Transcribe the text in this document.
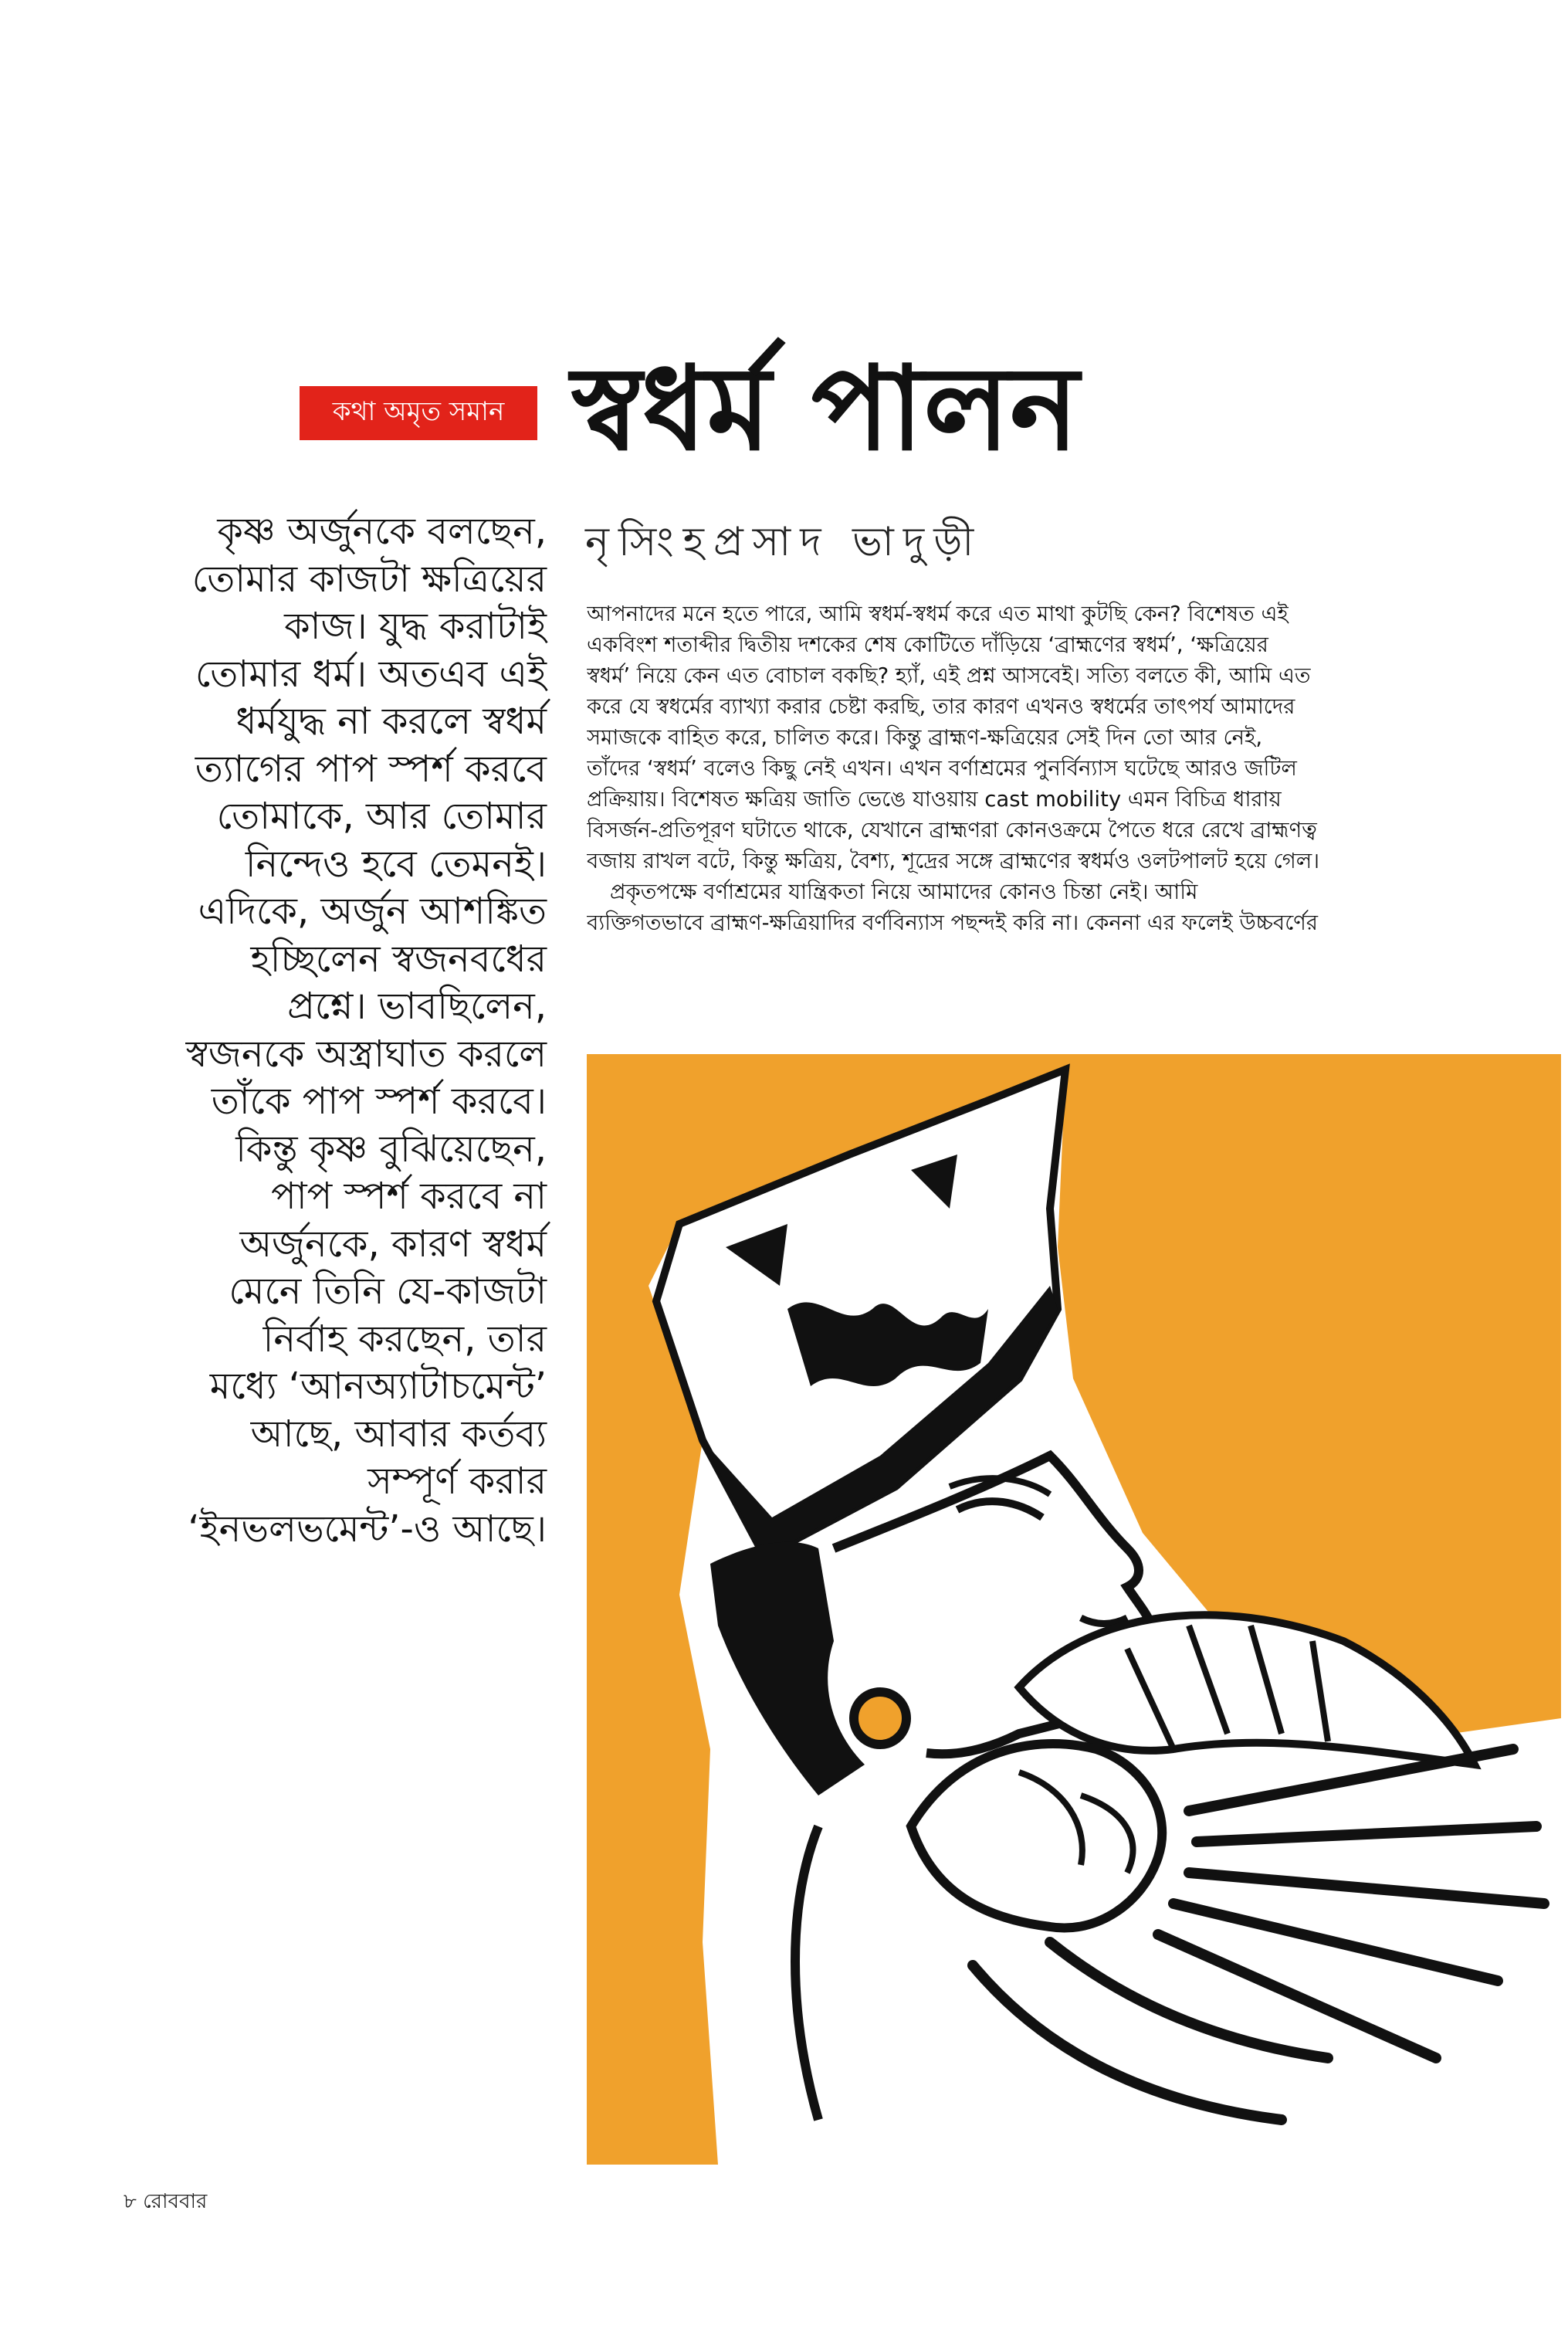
কথা অমৃত সমান স্বধর্ম পালন
নৃসিংহপ্রসাদ ভাদুড়ী
কৃষ্ণ অর্জুনকে বলছেন,
তোমার কাজটা ক্ষত্রিয়ের
কাজ। যুদ্ধ করাটাই
তোমার ধর্ম। অতএব এই
ধর্মযুদ্ধ না করলে স্বধর্ম
ত্যাগের পাপ স্পর্শ করবে
তোমাকে, আর তোমার
নিন্দেও হবে তেমনই।
এদিকে, অর্জুন আশঙ্কিত
হচ্ছিলেন স্বজনবধের
প্রশ্নে। ভাবছিলেন,
স্বজনকে অস্ত্রাঘাত করলে
তাঁকে পাপ স্পর্শ করবে।
কিন্তু কৃষ্ণ বুঝিয়েছেন,
পাপ স্পর্শ করবে না
অর্জুনকে, কারণ স্বধর্ম
মেনে তিনি যে-কাজটা
নির্বাহ করছেন, তার
মধ্যে ‘আনঅ্যাটাচমেন্ট’
আছে, আবার কর্তব্য
সম্পূর্ণ করার
‘ইনভলভমেন্ট’-ও আছে।
আপনাদের মনে হতে পারে, আমি স্বধর্ম-স্বধর্ম করে এত মাথা কুটছি কেন? বিশেষত এই
একবিংশ শতাব্দীর দ্বিতীয় দশকের শেষ কোটিতে দাঁড়িয়ে ‘ব্রাহ্মণের স্বধর্ম’, ‘ক্ষত্রিয়ের
স্বধর্ম’ নিয়ে কেন এত বোচাল বকছি? হ্যাঁ, এই প্রশ্ন আসবেই। সত্যি বলতে কী, আমি এত
করে যে স্বধর্মের ব্যাখ্যা করার চেষ্টা করছি, তার কারণ এখনও স্বধর্মের তাৎপর্য আমাদের
সমাজকে বাহিত করে, চালিত করে। কিন্তু ব্রাহ্মণ-ক্ষত্রিয়ের সেই দিন তো আর নেই,
তাঁদের ‘স্বধর্ম’ বলেও কিছু নেই এখন। এখন বর্ণাশ্রমের পুনর্বিন্যাস ঘটেছে আরও জটিল
প্রক্রিয়ায়। বিশেষত ক্ষত্রিয় জাতি ভেঙে যাওয়ায় cast mobility এমন বিচিত্র ধারায়
বিসর্জন-প্রতিপূরণ ঘটাতে থাকে, যেখানে ব্রাহ্মণরা কোনওক্রমে পৈতে ধরে রেখে ব্রাহ্মণত্ব
বজায় রাখল বটে, কিন্তু ক্ষত্রিয়, বৈশ্য, শূদ্রের সঙ্গে ব্রাহ্মণের স্বধর্মও ওলটপালট হয়ে গেল।
প্রকৃতপক্ষে বর্ণাশ্রমের যান্ত্রিকতা নিয়ে আমাদের কোনও চিন্তা নেই। আমি
ব্যক্তিগতভাবে ব্রাহ্মণ-ক্ষত্রিয়াদির বর্ণবিন্যাস পছন্দই করি না। কেননা এর ফলেই উচ্চবর্ণের
৮ রোববার
